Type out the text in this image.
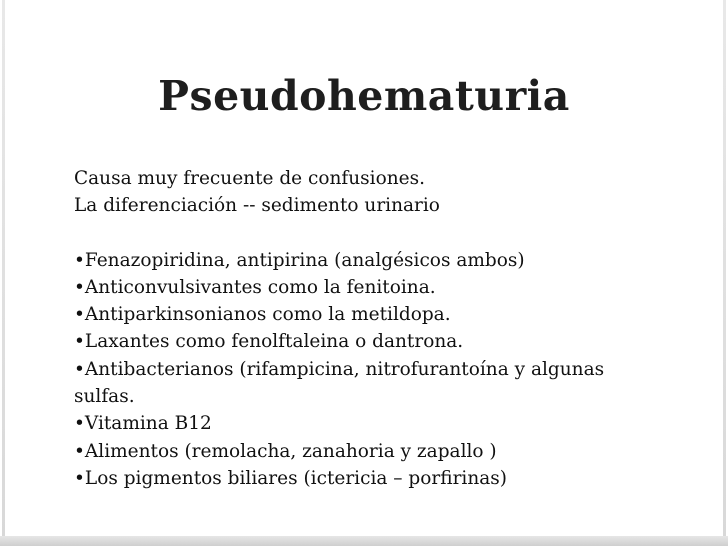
Pseudohematuria
Causa muy frecuente de confusiones.
La diferenciación -- sedimento urinario
•Fenazopiridina, antipirina (analgésicos ambos)
•Anticonvulsivantes como la fenitoina.
•Antiparkinsonianos como la metildopa.
•Laxantes como fenolftaleina o dantrona.
•Antibacterianos (rifampicina, nitrofurantoína y algunas sulfas.
•Vitamina B12
•Alimentos (remolacha, zanahoria y zapallo )
•Los pigmentos biliares (ictericia – porfirinas)
